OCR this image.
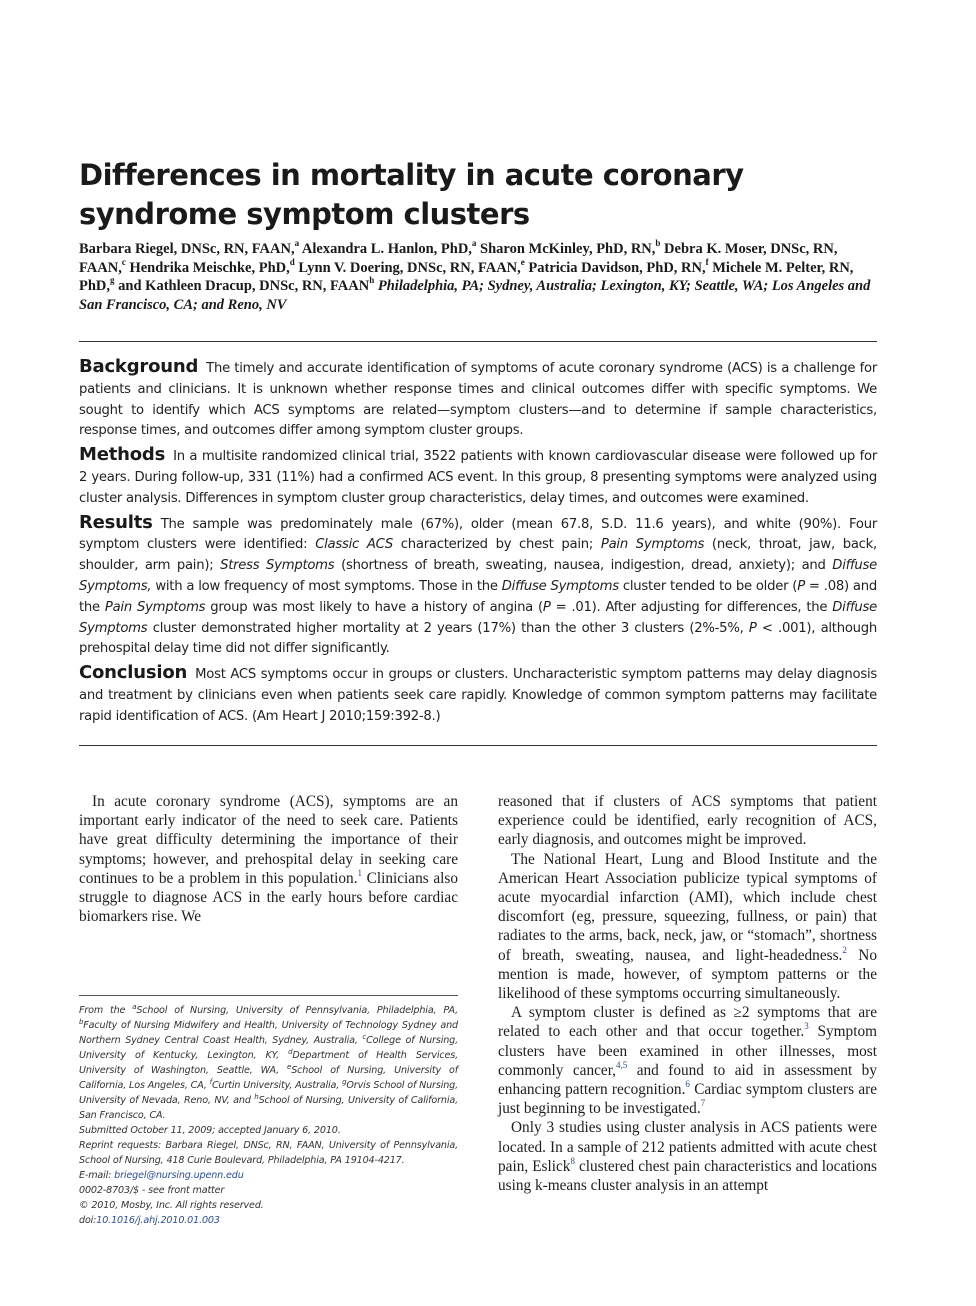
Differences in mortality in acute coronary syndrome symptom clusters
Barbara Riegel, DNSc, RN, FAAN,$^a$ Alexandra L. Hanlon, PhD,$^a$ Sharon McKinley, PhD, RN,$^b$ Debra K. Moser, DNSc, RN, FAAN,$^c$ Hendrika Meischke, PhD,$^d$ Lynn V. Doering, DNSc, RN, FAAN,$^e$ Patricia Davidson, PhD, RN,$^f$ Michele M. Pelter, RN, PhD,$^g$ and Kathleen Dracup, DNSc, RN, FAAN$^h$ Philadelphia, PA; Sydney, Australia; Lexington, KY; Seattle, WA; Los Angeles and San Francisco, CA; and Reno, NV

Background The timely and accurate identification of symptoms of acute coronary syndrome (ACS) is a challenge for patients and clinicians. It is unknown whether response times and clinical outcomes differ with specific symptoms. We sought to identify which ACS symptoms are related—symptom clusters—and to determine if sample characteristics, response times, and outcomes differ among symptom cluster groups.

Methods In a multisite randomized clinical trial, 3522 patients with known cardiovascular disease were followed up for 2 years. During follow-up, 331 (11%) had a confirmed ACS event. In this group, 8 presenting symptoms were analyzed using cluster analysis. Differences in symptom cluster group characteristics, delay times, and outcomes were examined.

Results The sample was predominately male (67%), older (mean 67.8, S.D. 11.6 years), and white (90%). Four symptom clusters were identified: Classic ACS characterized by chest pain; Pain Symptoms (neck, throat, jaw, back, shoulder, arm pain); Stress Symptoms (shortness of breath, sweating, nausea, indigestion, dread, anxiety); and Diffuse Symptoms, with a low frequency of most symptoms. Those in the Diffuse Symptoms cluster tended to be older (P = .08) and the Pain Symptoms group was most likely to have a history of angina (P = .01). After adjusting for differences, the Diffuse Symptoms cluster demonstrated higher mortality at 2 years (17%) than the other 3 clusters (2%-5%, P < .001), although prehospital delay time did not differ significantly.

Conclusion Most ACS symptoms occur in groups or clusters. Uncharacteristic symptom patterns may delay diagnosis and treatment by clinicians even when patients seek care rapidly. Knowledge of common symptom patterns may facilitate rapid identification of ACS. (Am Heart J 2010;159:392-8.)

In acute coronary syndrome (ACS), symptoms are an important early indicator of the need to seek care. Patients have great difficulty determining the importance of their symptoms; however, and prehospital delay in seeking care continues to be a problem in this population.$^1$ Clinicians also struggle to diagnose ACS in the early hours before cardiac biomarkers rise. We

From the $^a$School of Nursing, University of Pennsylvania, Philadelphia, PA, $^b$Faculty of Nursing Midwifery and Health, University of Technology Sydney and Northern Sydney Central Coast Health, Sydney, Australia, $^c$College of Nursing, University of Kentucky, Lexington, KY, $^d$Department of Health Services, University of Washington, Seattle, WA, $^e$School of Nursing, University of California, Los Angeles, CA, $^f$Curtin University, Australia, $^g$Orvis School of Nursing, University of Nevada, Reno, NV, and $^h$School of Nursing, University of California, San Francisco, CA.

Submitted October 11, 2009; accepted January 6, 2010.

Reprint requests: Barbara Riegel, DNSc, RN, FAAN, University of Pennsylvania, School of Nursing, 418 Curie Boulevard, Philadelphia, PA 19104-4217.

E-mail: briegel@nursing.upenn.edu

0002-8703/$ - see front matter

© 2010, Mosby, Inc. All rights reserved.

doi:10.1016/j.ahj.2010.01.003

reasoned that if clusters of ACS symptoms that patient experience could be identified, early recognition of ACS, early diagnosis, and outcomes might be improved.

The National Heart, Lung and Blood Institute and the American Heart Association publicize typical symptoms of acute myocardial infarction (AMI), which include chest discomfort (eg, pressure, squeezing, fullness, or pain) that radiates to the arms, back, neck, jaw, or “stomach”, shortness of breath, sweating, nausea, and light-headedness.$^2$ No mention is made, however, of symptom patterns or the likelihood of these symptoms occurring simultaneously.

A symptom cluster is defined as ≥2 symptoms that are related to each other and that occur together.$^3$ Symptom clusters have been examined in other illnesses, most commonly cancer,$^{4,5}$ and found to aid in assessment by enhancing pattern recognition.$^6$ Cardiac symptom clusters are just beginning to be investigated.$^7$

Only 3 studies using cluster analysis in ACS patients were located. In a sample of 212 patients admitted with acute chest pain, Eslick$^8$ clustered chest pain characteristics and locations using k-means cluster analysis in an attempt
